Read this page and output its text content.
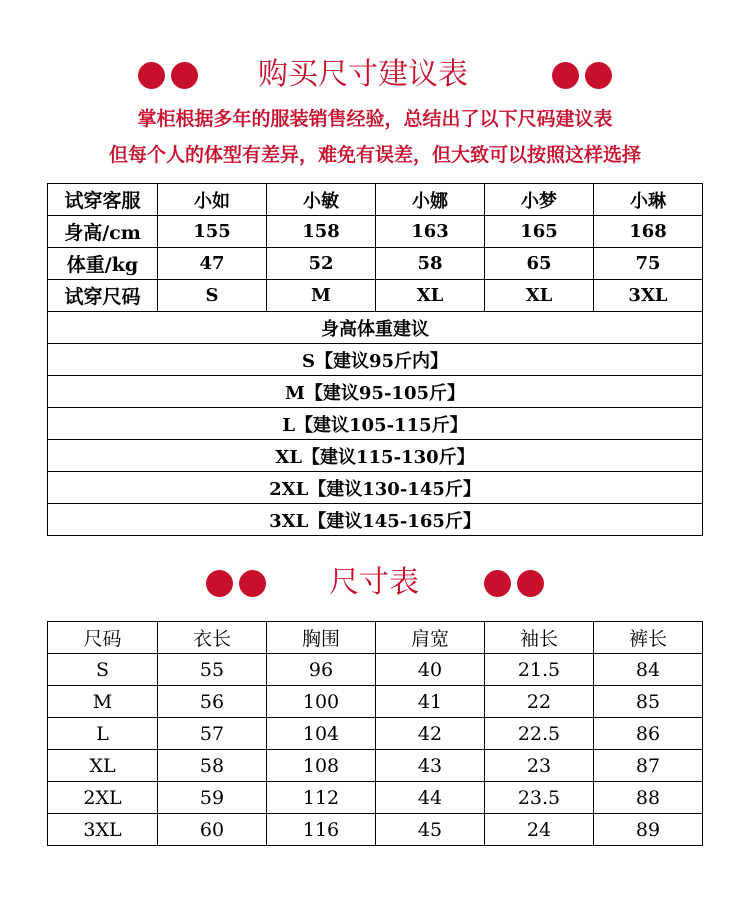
购买尺寸建议表
掌柜根据多年的服装销售经验，总结出了以下尺码建议表
但每个人的体型有差异，难免有误差，但大致可以按照这样选择
试穿客服	小如	小敏	小娜	小梦	小琳
身高/cm	155	158	163	165	168
体重/kg	47	52	58	65	75
试穿尺码	S	M	XL	XL	3XL
身高体重建议					
S【建议95斤内】					
M【建议95-105斤】					
L【建议105-115斤】					
XL【建议115-130斤】					
2XL【建议130-145斤】					
3XL【建议145-165斤】					
尺寸表
尺码	衣长	胸围	肩宽	袖长	裤长
S	55	96	40	21.5	84
M	56	100	41	22	85
L	57	104	42	22.5	86
XL	58	108	43	23	87
2XL	59	112	44	23.5	88
3XL	60	116	45	24	89
